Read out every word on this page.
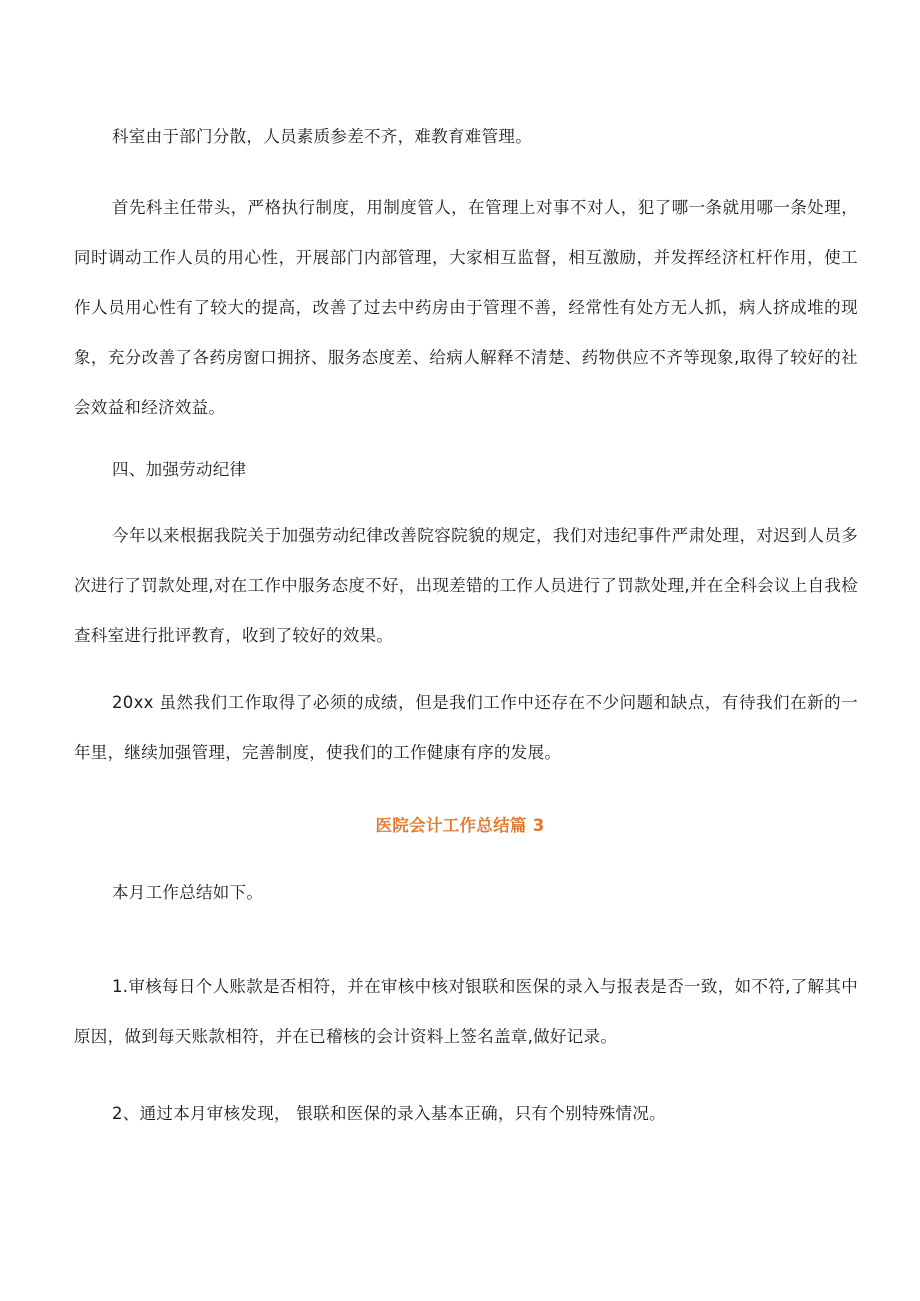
科室由于部门分散，人员素质参差不齐，难教育难管理。

首先科主任带头，严格执行制度，用制度管人，在管理上对事不对人，犯了哪一条就用哪一条处理，同时调动工作人员的用心性，开展部门内部管理，大家相互监督，相互激励，并发挥经济杠杆作用，使工作人员用心性有了较大的提高，改善了过去中药房由于管理不善，经常性有处方无人抓，病人挤成堆的现象，充分改善了各药房窗口拥挤、服务态度差、给病人解释不清楚、药物供应不齐等现象,取得了较好的社会效益和经济效益。

四、加强劳动纪律

今年以来根据我院关于加强劳动纪律改善院容院貌的规定，我们对违纪事件严肃处理，对迟到人员多次进行了罚款处理,对在工作中服务态度不好，出现差错的工作人员进行了罚款处理,并在全科会议上自我检查科室进行批评教育，收到了较好的效果。

20xx 虽然我们工作取得了必须的成绩，但是我们工作中还存在不少问题和缺点，有待我们在新的一年里，继续加强管理，完善制度，使我们的工作健康有序的发展。

医院会计工作总结篇 3

本月工作总结如下。

1.审核每日个人账款是否相符，并在审核中核对银联和医保的录入与报表是否一致，如不符,了解其中原因，做到每天账款相符，并在已稽核的会计资料上签名盖章,做好记录。

2、通过本月审核发现， 银联和医保的录入基本正确，只有个别特殊情况。
